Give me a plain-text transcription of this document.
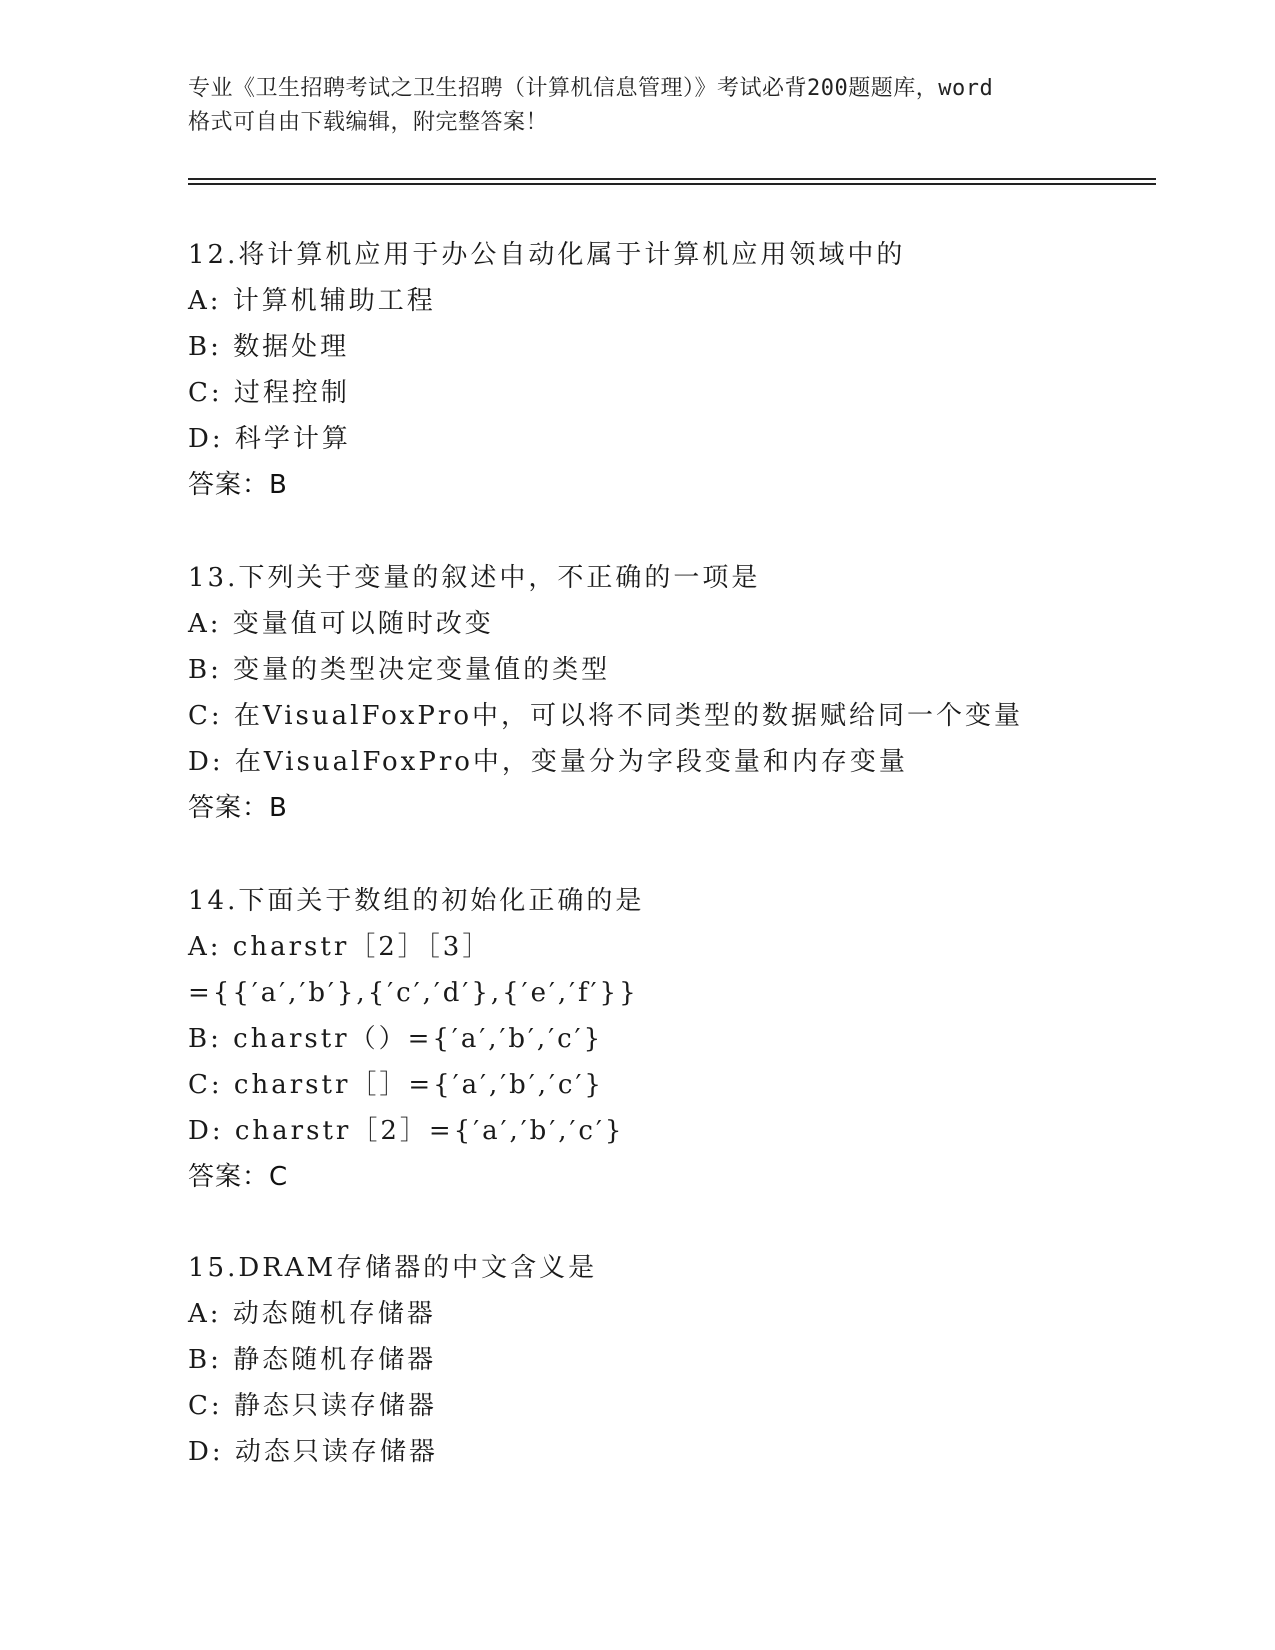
专业《卫生招聘考试之卫生招聘（计算机信息管理）》考试必背200题题库，word
格式可自由下载编辑，附完整答案！
12.将计算机应用于办公自动化属于计算机应用领域中的
A: 计算机辅助工程
B: 数据处理
C: 过程控制
D: 科学计算
答案：B
13.下列关于变量的叙述中，不正确的一项是
A: 变量值可以随时改变
B: 变量的类型决定变量值的类型
C: 在VisualFoxPro中，可以将不同类型的数据赋给同一个变量
D: 在VisualFoxPro中，变量分为字段变量和内存变量
答案：B
14.下面关于数组的初始化正确的是
A: charstr［2］［3］
={{′a′,′b′},{′c′,′d′},{′e′,′f′}}
B: charstr（）={′a′,′b′,′c′}
C: charstr［］={′a′,′b′,′c′}
D: charstr［2］={′a′,′b′,′c′}
答案：C
15.DRAM存储器的中文含义是
A: 动态随机存储器
B: 静态随机存储器
C: 静态只读存储器
D: 动态只读存储器
